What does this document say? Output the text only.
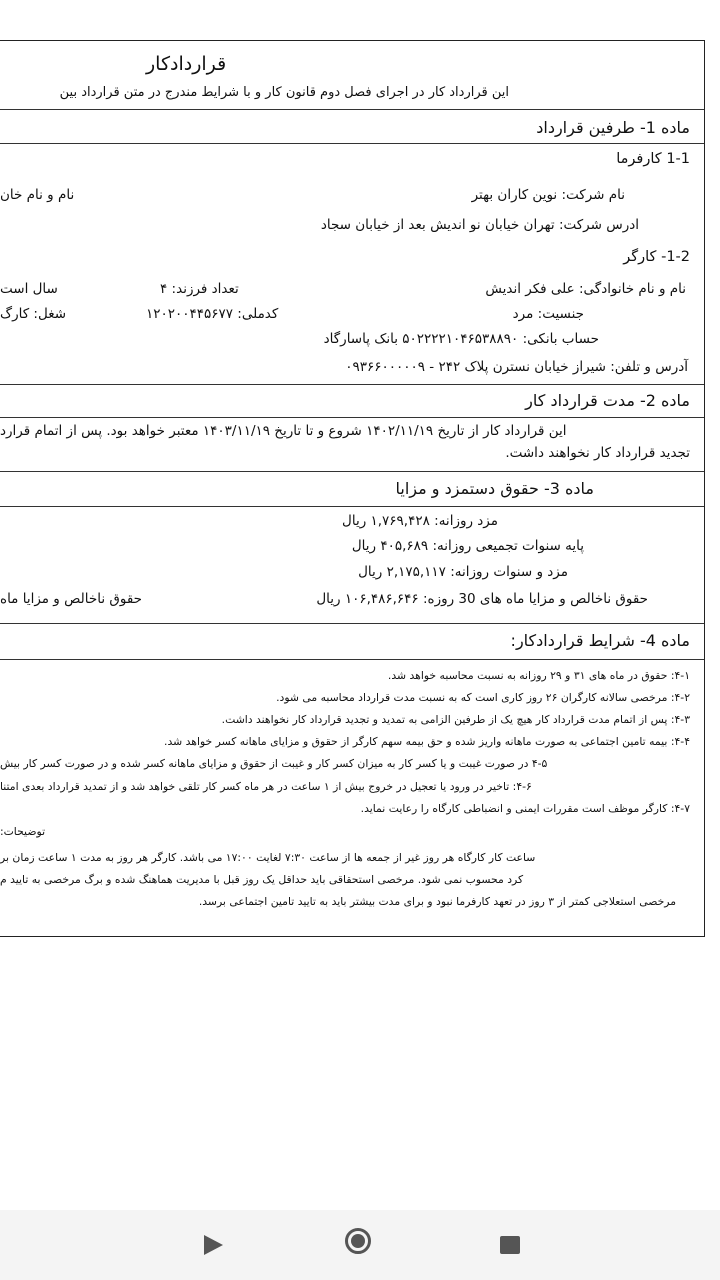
قراردادکار
این قرارداد کار در اجرای فصل دوم قانون کار و با شرایط مندرج در متن قرارداد بین
ماده 1- طرفین قرارداد
1-1 کارفرما
نام شرکت: نوین کاران بهتر
نام و نام خان
ادرس شرکت: تهران خیابان نو اندیش بعد از خیابان سجاد
1-2- کارگر
نام و نام خانوادگی: علی فکر اندیش
تعداد فرزند: ۴
سال است
جنسیت: مرد
کدملی: ۱۲۰۲۰۰۴۴۵۶۷۷
شغل: کارگ
حساب بانکی: ۵۰۲۲۲۲۱۰۴۶۵۳۸۸۹۰ بانک پاسارگاد
آدرس و تلفن: شیراز خیابان نسترن پلاک ۲۴۲ - ۰۹۳۶۶۰۰۰۰۰۹
ماده 2- مدت قرارداد کار
این قرارداد کار از تاریخ ۱۴۰۲/۱۱/۱۹ شروع و تا تاریخ ۱۴۰۳/۱۱/۱۹ معتبر خواهد بود. پس از اتمام قرارد
تجدید قرارداد کار نخواهند داشت.
ماده 3- حقوق دستمزد و مزایا
مزد روزانه: ۱,۷۶۹,۴۲۸ ریال
پایه سنوات تجمیعی روزانه: ۴۰۵,۶۸۹ ریال
مزد و سنوات روزانه: ۲,۱۷۵,۱۱۷ ریال
حقوق ناخالص و مزایا ماه های 30 روزه: ۱۰۶,۴۸۶,۶۴۶ ریال
حقوق ناخالص و مزایا ماه
ماده 4- شرایط قراردادکار:
۴-۱: حقوق در ماه های ۳۱ و ۲۹ روزانه به نسبت محاسبه خواهد شد.
۴-۲: مرخصی سالانه کارگران ۲۶ روز کاری است که به نسبت مدت قرارداد محاسبه می شود.
۴-۳: پس از اتمام مدت قرارداد کار هیچ یک از طرفین الزامی به تمدید و تجدید قرارداد کار نخواهند داشت.
۴-۴: بیمه تامین اجتماعی به صورت ماهانه واریز شده و حق بیمه سهم کارگر از حقوق و مزایای ماهانه کسر خواهد شد.
۴-۵ در صورت غیبت و یا کسر کار به میزان کسر کار و غیبت از حقوق و مزایای ماهانه کسر شده و در صورت کسر کار بیش
۴-۶: تاخیر در ورود یا تعجیل در خروج بیش از ۱ ساعت در هر ماه کسر کار تلقی خواهد شد و از تمدید قرارداد بعدی امتنا
۴-۷: کارگر موظف است مقررات ایمنی و انضباطی کارگاه را رعایت نماید.
توضیحات:
ساعت کار کارگاه هر روز غیر از جمعه ها از ساعت ۷:۳۰ لغایت ۱۷:۰۰ می باشد. کارگر هر روز به مدت ۱ ساعت زمان بر
کرد محسوب نمی شود. مرخصی استحقاقی باید حداقل یک روز قبل با مدیریت هماهنگ شده و برگ مرخصی به تایید م
مرخصی استعلاجی کمتر از ۳ روز در تعهد کارفرما نبود و برای مدت بیشتر باید به تایید تامین اجتماعی برسد.
